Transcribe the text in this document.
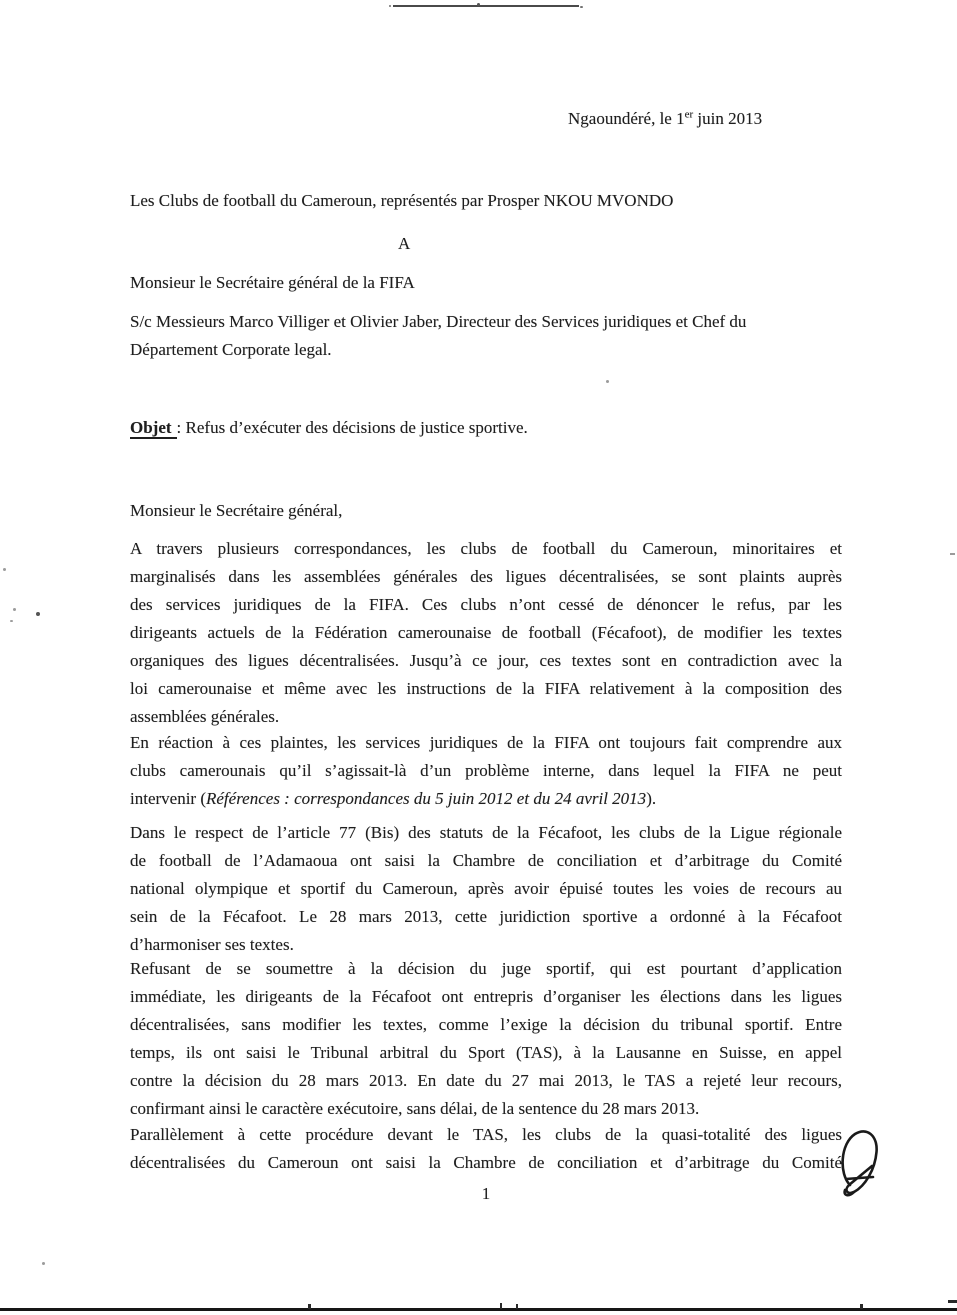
Ngaoundéré, le 1er juin 2013
Les Clubs de football du Cameroun, représentés par Prosper NKOU MVONDO
A
Monsieur le Secrétaire général de la FIFA
S/c Messieurs Marco Villiger et Olivier Jaber, Directeur des Services juridiques et Chef du
Département Corporate legal.
Objet : Refus d’exécuter des décisions de justice sportive.
Monsieur le Secrétaire général,
A travers plusieurs correspondances, les clubs de football du Cameroun, minoritaires et
marginalisés dans les assemblées générales des ligues décentralisées, se sont plaints auprès
des services juridiques de la FIFA. Ces clubs n’ont cessé de dénoncer le refus, par les
dirigeants actuels de la Fédération camerounaise de football (Fécafoot), de modifier les textes
organiques des ligues décentralisées. Jusqu’à ce jour, ces textes sont en contradiction avec la
loi camerounaise et même avec les instructions de la FIFA relativement à la composition des
assemblées générales.
En réaction à ces plaintes, les services juridiques de la FIFA ont toujours fait comprendre aux
clubs camerounais qu’il s’agissait-là d’un problème interne, dans lequel la FIFA ne peut
intervenir (Références : correspondances du 5 juin 2012 et du 24 avril 2013).
Dans le respect de l’article 77 (Bis) des statuts de la Fécafoot, les clubs de la Ligue régionale
de football de l’Adamaoua ont saisi la Chambre de conciliation et d’arbitrage du Comité
national olympique et sportif du Cameroun, après avoir épuisé toutes les voies de recours au
sein de la Fécafoot. Le 28 mars 2013, cette juridiction sportive a ordonné à la Fécafoot
d’harmoniser ses textes.
Refusant de se soumettre à la décision du juge sportif, qui est pourtant d’application
immédiate, les dirigeants de la Fécafoot ont entrepris d’organiser les élections dans les ligues
décentralisées, sans modifier les textes, comme l’exige la décision du tribunal sportif. Entre
temps, ils ont saisi le Tribunal arbitral du Sport (TAS), à la Lausanne en Suisse, en appel
contre la décision du 28 mars 2013. En date du 27 mai 2013, le TAS a rejeté leur recours,
confirmant ainsi le caractère exécutoire, sans délai, de la sentence du 28 mars 2013.
Parallèlement à cette procédure devant le TAS, les clubs de la quasi-totalité des ligues
décentralisées du Cameroun ont saisi la Chambre de conciliation et d’arbitrage du Comité
1
